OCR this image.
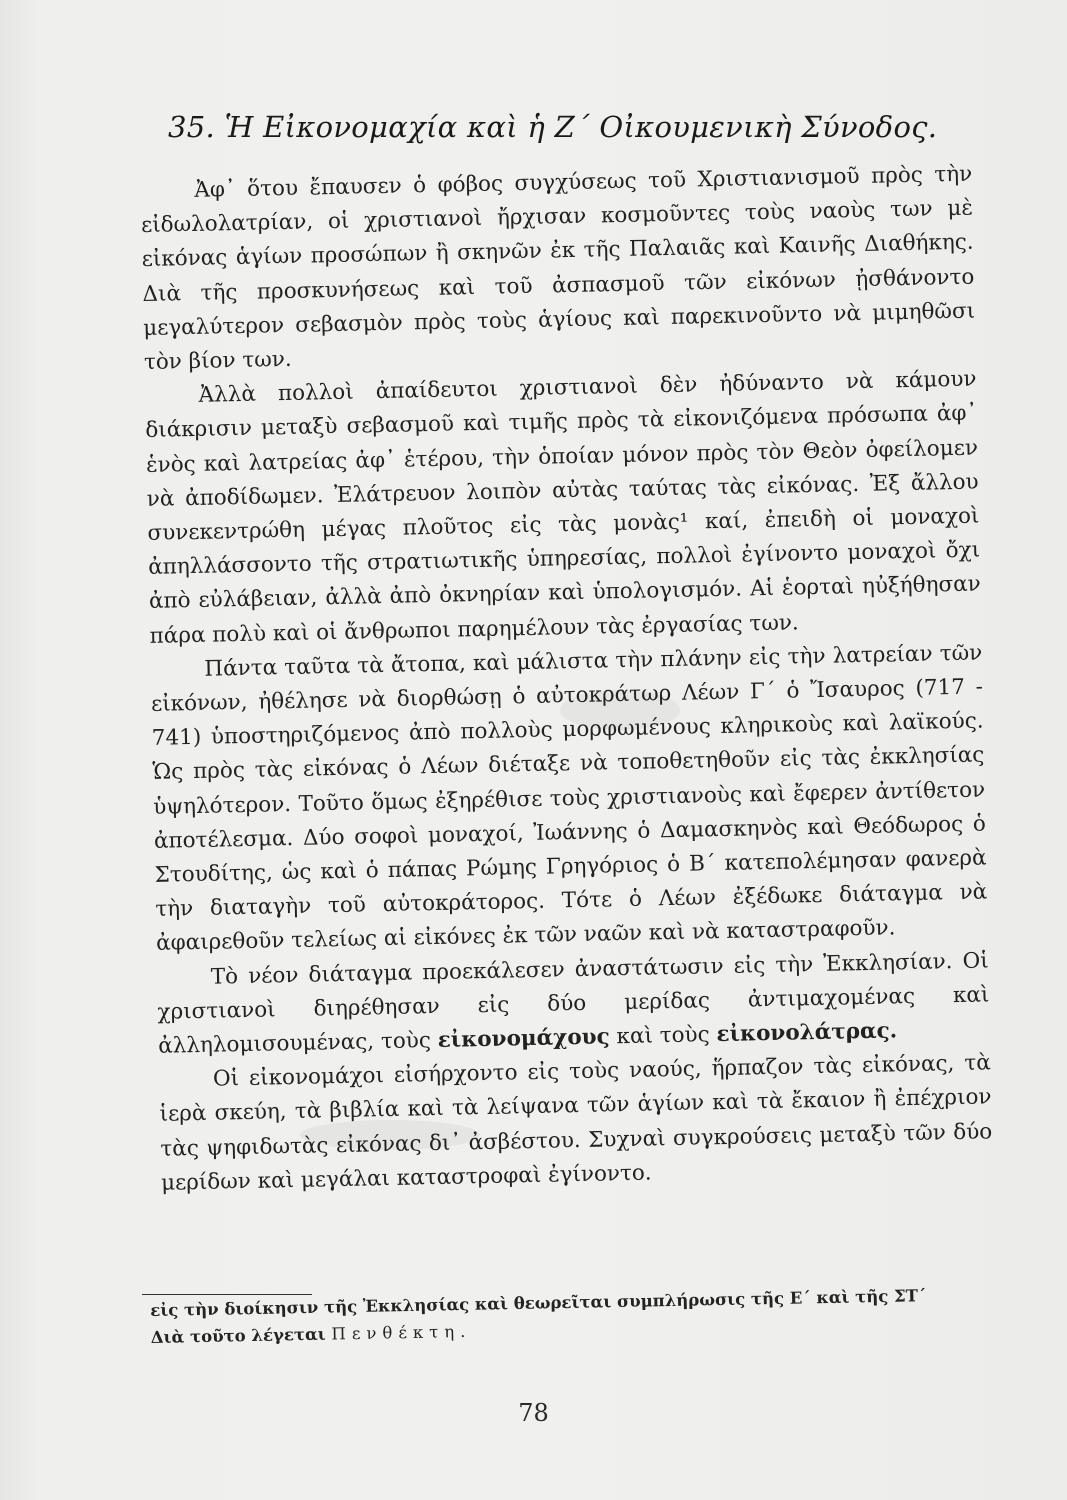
35. Ἡ Εἰκονομαχία καὶ ἡ Ζ΄ Οἰκουμενικὴ Σύνοδος.

Ἀφ᾽ ὅτου ἔπαυσεν ὁ φόβος συγχύσεως τοῦ Χριστιανισμοῦ πρὸς τὴν εἰδωλολατρίαν, οἱ χριστιανοὶ ἤρχισαν κοσμοῦντες τοὺς ναοὺς των μὲ εἰκόνας ἁγίων προσώπων ἢ σκηνῶν ἐκ τῆς Παλαιᾶς καὶ Καινῆς Διαθήκης. Διὰ τῆς προσκυνήσεως καὶ τοῦ ἀσπασμοῦ τῶν εἰκόνων ᾐσθάνοντο μεγαλύτερον σεβασμὸν πρὸς τοὺς ἁγίους καὶ παρεκινοῦντο νὰ μιμηθῶσι τὸν βίον των.

Ἀλλὰ πολλοὶ ἀπαίδευτοι χριστιανοὶ δὲν ἠδύναντο νὰ κάμουν διάκρισιν μεταξὺ σεβασμοῦ καὶ τιμῆς πρὸς τὰ εἰκονιζόμενα πρόσωπα ἀφ᾽ ἑνὸς καὶ λατρείας ἀφ᾽ ἑτέρου, τὴν ὁποίαν μόνον πρὸς τὸν Θεὸν ὀφείλομεν νὰ ἀποδίδωμεν. Ἐλάτρευον λοιπὸν αὐτὰς ταύτας τὰς εἰκόνας. Ἐξ ἄλλου συνεκεντρώθη μέγας πλοῦτος εἰς τὰς μονὰς¹ καί, ἐπειδὴ οἱ μοναχοὶ ἀπηλλάσσοντο τῆς στρατιωτικῆς ὑπηρεσίας, πολλοὶ ἐγίνοντο μοναχοὶ ὄχι ἀπὸ εὐλάβειαν, ἀλλὰ ἀπὸ ὀκνηρίαν καὶ ὑπολογισμόν. Αἱ ἑορταὶ ηὐξήθησαν πάρα πολὺ καὶ οἱ ἄνθρωποι παρημέλουν τὰς ἐργασίας των.

Πάντα ταῦτα τὰ ἄτοπα, καὶ μάλιστα τὴν πλάνην εἰς τὴν λατρείαν τῶν εἰκόνων, ἠθέλησε νὰ διορθώσῃ ὁ αὐτοκράτωρ Λέων Γ΄ ὁ Ἴσαυρος (717 - 741) ὑποστηριζόμενος ἀπὸ πολλοὺς μορφωμένους κληρικοὺς καὶ λαϊκούς. Ὡς πρὸς τὰς εἰκόνας ὁ Λέων διέταξε νὰ τοποθετηθοῦν εἰς τὰς ἐκκλησίας ὑψηλότερον. Τοῦτο ὅμως ἐξηρέθισε τοὺς χριστιανοὺς καὶ ἔφερεν ἀντίθετον ἀποτέλεσμα. Δύο σοφοὶ μοναχοί, Ἰωάννης ὁ Δαμασκηνὸς καὶ Θεόδωρος ὁ Στουδίτης, ὡς καὶ ὁ πάπας Ρώμης Γρηγόριος ὁ Β΄ κατεπολέμησαν φανερὰ τὴν διαταγὴν τοῦ αὐτοκράτορος. Τότε ὁ Λέων ἐξέδωκε διάταγμα νὰ ἀφαιρεθοῦν τελείως αἱ εἰκόνες ἐκ τῶν ναῶν καὶ νὰ καταστραφοῦν.

Τὸ νέον διάταγμα προεκάλεσεν ἀναστάτωσιν εἰς τὴν Ἐκκλησίαν. Οἱ χριστιανοὶ διηρέθησαν εἰς δύο μερίδας ἀντιμαχομένας καὶ ἀλληλομισουμένας, τοὺς εἰκονομάχους καὶ τοὺς εἰκονολάτρας.

Οἱ εἰκονομάχοι εἰσήρχοντο εἰς τοὺς ναούς, ἥρπαζον τὰς εἰκόνας, τὰ ἱερὰ σκεύη, τὰ βιβλία καὶ τὰ λείψανα τῶν ἁγίων καὶ τὰ ἔκαιον ἢ ἐπέχριον τὰς ψηφιδωτὰς εἰκόνας δι᾽ ἀσβέστου. Συχναὶ συγκρούσεις μεταξὺ τῶν δύο μερίδων καὶ μεγάλαι καταστροφαὶ ἐγίνοντο.

εἰς τὴν διοίκησιν τῆς Ἐκκλησίας καὶ θεωρεῖται συμπλήρωσις τῆς Ε΄ καὶ τῆς ΣΤ΄

Διὰ τοῦτο λέγεται Πενθέκτη.

78
